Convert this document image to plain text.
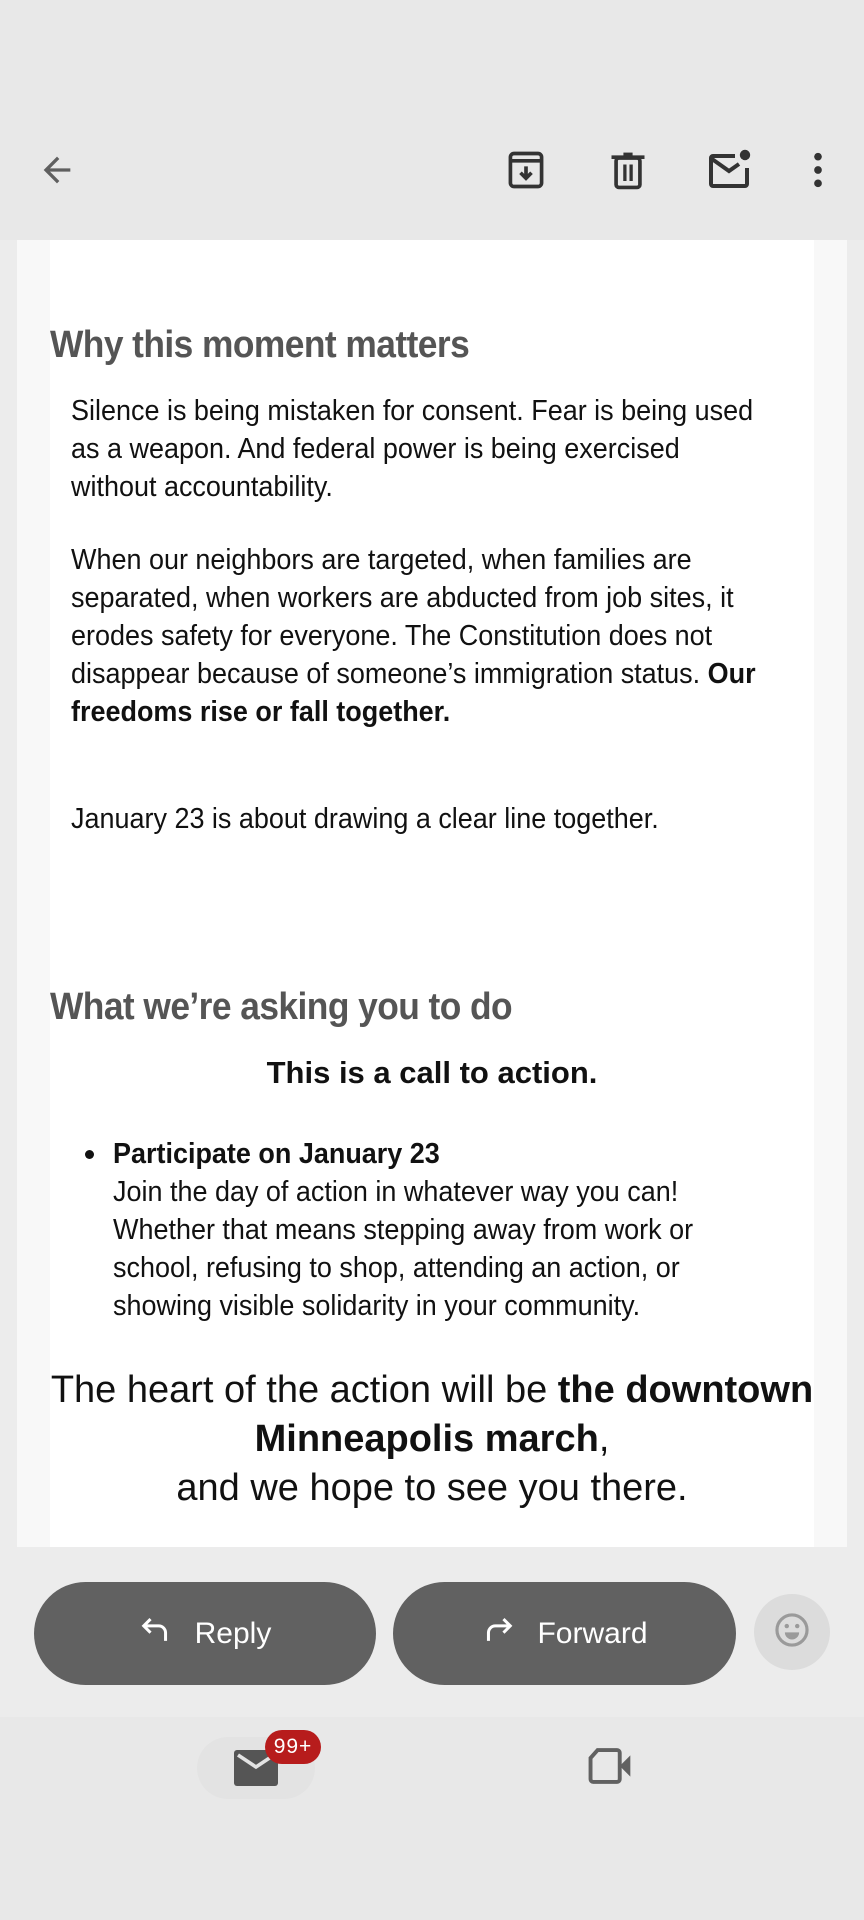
Why this moment matters
Silence is being mistaken for consent. Fear is being used as a weapon. And federal power is being exercised without accountability.
When our neighbors are targeted, when families are separated, when workers are abducted from job sites, it erodes safety for everyone. The Constitution does not disappear because of someone’s immigration status. Our freedoms rise or fall together.
January 23 is about drawing a clear line together.
What we’re asking you to do
This is a call to action.
Participate on January 23
Join the day of action in whatever way you can! Whether that means stepping away from work or school, refusing to shop, attending an action, or showing visible solidarity in your community.
The heart of the action will be the downtown Minneapolis march,
and we hope to see you there.
Reply	Forward
99+
